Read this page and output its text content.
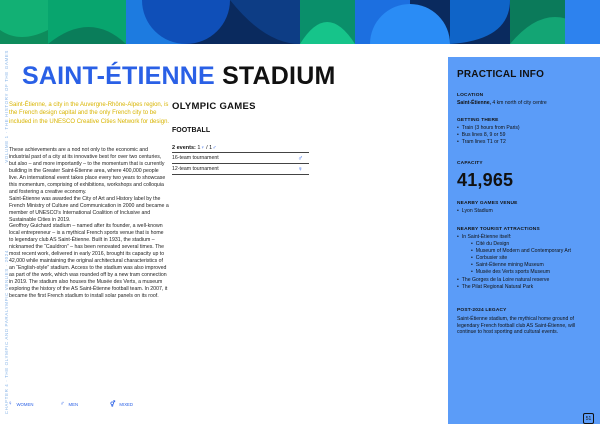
VOLUME 1 ⋅ THE HISTORY OF THE GAMES
CHAPTER 4 ⋅ THE OLYMPIC AND PARALYMPIC VENUES ⋅ 2024
SAINT-ÉTIENNE STADIUM
Saint-Étienne, a city in the Auvergne-Rhône-Alpes region, is the French design capital and the only French city to be included in the UNESCO Creative Cities Network for design.

These achievements are a nod not only to the economic and industrial past of a city at its innovative best for over two centuries, but also – and more importantly – to the momentum that is currently building in the Greater Saint-Étienne area, where 400,000 people live. An international event takes place every two years to showcase this momentum, comprising of exhibitions, workshops and colloquia and fostering a creative economy.

Saint-Étienne was awarded the City of Art and History label by the French Ministry of Culture and Communication in 2000 and became a member of UNESCO's International Coalition of Inclusive and Sustainable Cities in 2019.

Geoffroy Guichard stadium – named after its founder, a well-known local entrepreneur – is a mythical French sports venue that is home to legendary club AS Saint-Étienne. Built in 1931, the stadium – nicknamed the “Cauldron” – has been renovated several times. The most recent work, delivered in early 2016, brought its capacity up to 42,000 while maintaining the original architectural characteristics of an “English-style” stadium. Access to the stadium was also improved as part of the work, which was rounded off by a new tram connection in 2019. The stadium also houses the Musée des Verts, a museum exploring the history of the AS Saint-Étienne football team. In 2007, it became the first French stadium to install solar panels on its roof.

OLYMPIC GAMES
FOOTBALL
2 events: 1♀ / 1♂
16-team tournament	♂
12-team tournament	♀
PRACTICAL INFO
LOCATION
Saint-Étienne, 4 km north of city centre
GETTING THERE
• Train (3 hours from Paris)
• Bus lines 8, 9 or 59
• Tram lines T1 or T2
CAPACITY
41,965
NEARBY GAMES VENUE
• Lyon Stadium
NEARBY TOURIST ATTRACTIONS
• In Saint-Étienne itself:
• Cité du Design
• Museum of Modern and Contemporary Art
• Corbusier site
• Saint-Étienne mining Museum
• Musée des Verts sports Museum
• The Gorges de la Loire natural reserve
• The Pilat Regional Natural Park
POST-2024 LEGACY
Saint-Étienne stadium, the mythical home ground of legendary French football club AS Saint-Étienne, will continue to host sporting and cultural events.
51
♀ WOMEN	♂ MEN	⚥ MIXED
